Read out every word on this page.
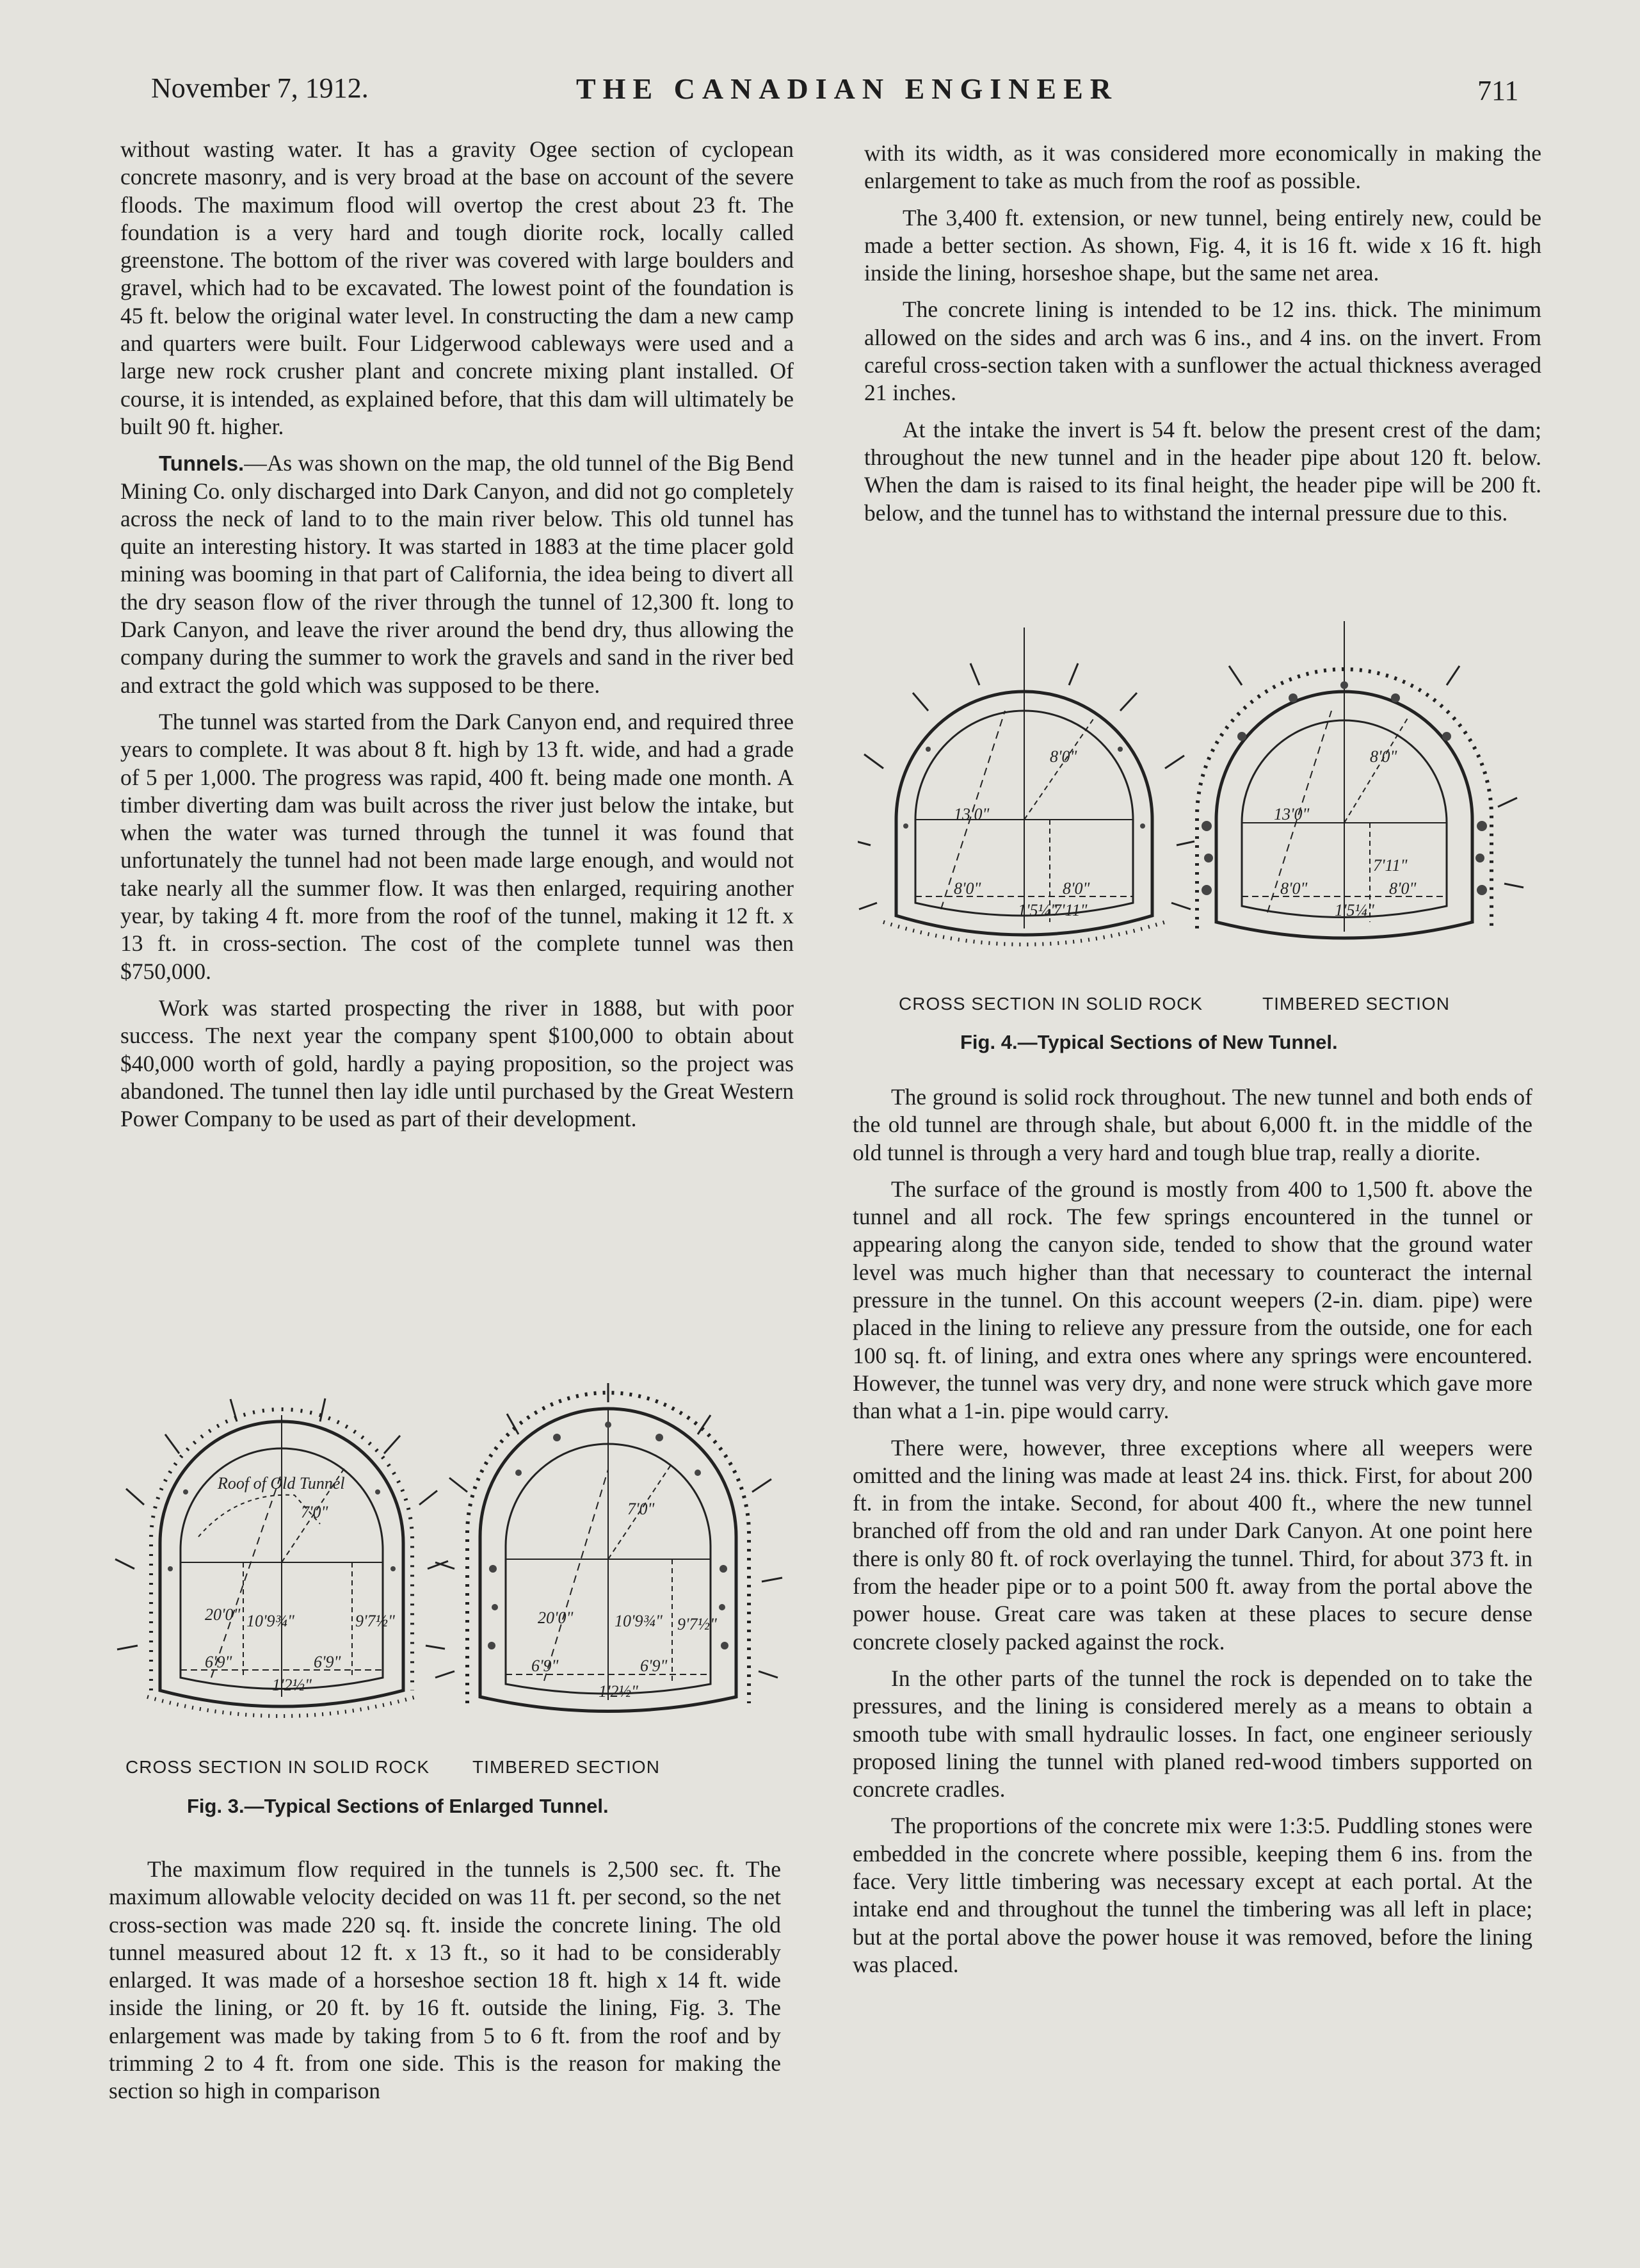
November 7, 1912.	THE CANADIAN ENGINEER	711

without wasting water. It has a gravity Ogee section of cyclopean concrete masonry, and is very broad at the base on account of the severe floods. The maximum flood will overtop the crest about 23 ft. The foundation is a very hard and tough diorite rock, locally called greenstone. The bottom of the river was covered with large boulders and gravel, which had to be excavated. The lowest point of the foundation is 45 ft. below the original water level. In constructing the dam a new camp and quarters were built. Four Lidgerwood cableways were used and a large new rock crusher plant and concrete mixing plant installed. Of course, it is intended, as explained before, that this dam will ultimately be built 90 ft. higher.

Tunnels.—As was shown on the map, the old tunnel of the Big Bend Mining Co. only discharged into Dark Canyon, and did not go completely across the neck of land to to the main river below. This old tunnel has quite an interesting history. It was started in 1883 at the time placer gold mining was booming in that part of California, the idea being to divert all the dry season flow of the river through the tunnel of 12,300 ft. long to Dark Canyon, and leave the river around the bend dry, thus allowing the company during the summer to work the gravels and sand in the river bed and extract the gold which was supposed to be there.

The tunnel was started from the Dark Canyon end, and required three years to complete. It was about 8 ft. high by 13 ft. wide, and had a grade of 5 per 1,000. The progress was rapid, 400 ft. being made one month. A timber diverting dam was built across the river just below the intake, but when the water was turned through the tunnel it was found that unfortunately the tunnel had not been made large enough, and would not take nearly all the summer flow. It was then enlarged, requiring another year, by taking 4 ft. more from the roof of the tunnel, making it 12 ft. x 13 ft. in cross-section. The cost of the complete tunnel was then $750,000.

Work was started prospecting the river in 1888, but with poor success. The next year the company spent $100,000 to obtain about $40,000 worth of gold, hardly a paying proposition, so the project was abandoned. The tunnel then lay idle until purchased by the Great Western Power Company to be used as part of their development.

Roof of Old Tunnel
7'0"
20'0" 10'9¾"	9'7½"
6'9"	6'9"
1'2½"
7'0"
20'0" 10'9¾" 9'7½"
6'9"	6'9"
1'2½"
CROSS SECTION IN SOLID ROCK TIMBERED SECTION
Fig. 3.—Typical Sections of Enlarged Tunnel.

The maximum flow required in the tunnels is 2,500 sec. ft. The maximum allowable velocity decided on was 11 ft. per second, so the net cross-section was made 220 sq. ft. inside the concrete lining. The old tunnel measured about 12 ft. x 13 ft., so it had to be considerably enlarged. It was made of a horseshoe section 18 ft. high x 14 ft. wide inside the lining, or 20 ft. by 16 ft. outside the lining, Fig. 3. The enlargement was made by taking from 5 to 6 ft. from the roof and by trimming 2 to 4 ft. from one side. This is the reason for making the section so high in comparison

with its width, as it was considered more economically in making the enlargement to take as much from the roof as possible.

The 3,400 ft. extension, or new tunnel, being entirely new, could be made a better section. As shown, Fig. 4, it is 16 ft. wide x 16 ft. high inside the lining, horseshoe shape, but the same net area.

The concrete lining is intended to be 12 ins. thick. The minimum allowed on the sides and arch was 6 ins., and 4 ins. on the invert. From careful cross-section taken with a sunflower the actual thickness averaged 21 inches.

At the intake the invert is 54 ft. below the present crest of the dam; throughout the new tunnel and in the header pipe about 120 ft. below. When the dam is raised to its final height, the header pipe will be 200 ft. below, and the tunnel has to withstand the internal pressure due to this.

13'0"
8'0"
8'0"	8'0"
1'5¼"
7'11"
13'0"
8'0"
8'0"	8'0"
1'5¼"
7'11"
CROSS SECTION IN SOLID ROCK	TIMBERED SECTION
Fig. 4.—Typical Sections of New Tunnel.

The ground is solid rock throughout. The new tunnel and both ends of the old tunnel are through shale, but about 6,000 ft. in the middle of the old tunnel is through a very hard and tough blue trap, really a diorite.

The surface of the ground is mostly from 400 to 1,500 ft. above the tunnel and all rock. The few springs encountered in the tunnel or appearing along the canyon side, tended to show that the ground water level was much higher than that necessary to counteract the internal pressure in the tunnel. On this account weepers (2-in. diam. pipe) were placed in the lining to relieve any pressure from the outside, one for each 100 sq. ft. of lining, and extra ones where any springs were encountered. However, the tunnel was very dry, and none were struck which gave more than what a 1-in. pipe would carry.

There were, however, three exceptions where all weepers were omitted and the lining was made at least 24 ins. thick. First, for about 200 ft. in from the intake. Second, for about 400 ft., where the new tunnel branched off from the old and ran under Dark Canyon. At one point here there is only 80 ft. of rock overlaying the tunnel. Third, for about 373 ft. in from the header pipe or to a point 500 ft. away from the portal above the power house. Great care was taken at these places to secure dense concrete closely packed against the rock.

In the other parts of the tunnel the rock is depended on to take the pressures, and the lining is considered merely as a means to obtain a smooth tube with small hydraulic losses. In fact, one engineer seriously proposed lining the tunnel with planed red-wood timbers supported on concrete cradles.

The proportions of the concrete mix were 1:3:5. Puddling stones were embedded in the concrete where possible, keeping them 6 ins. from the face. Very little timbering was necessary except at each portal. At the intake end and throughout the tunnel the timbering was all left in place; but at the portal above the power house it was removed, before the lining was placed.
